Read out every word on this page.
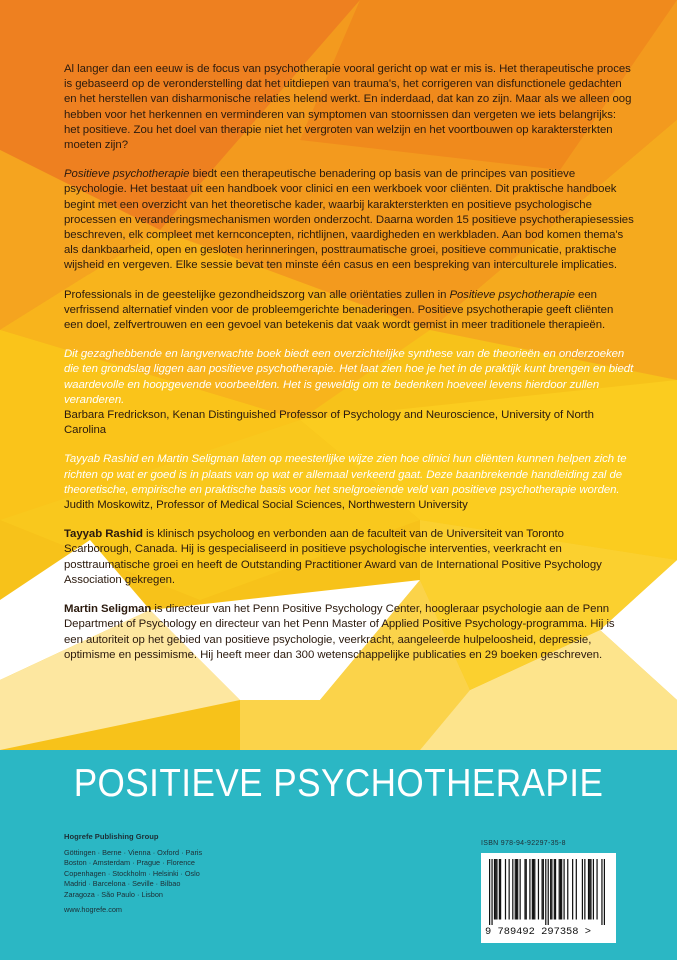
Al langer dan een eeuw is de focus van psychotherapie vooral gericht op wat er mis is. Het therapeutische proces is gebaseerd op de veronderstelling dat het uitdiepen van trauma's, het corrigeren van disfunctionele gedachten en het herstellen van disharmonische relaties helend werkt. En inderdaad, dat kan zo zijn. Maar als we alleen oog hebben voor het herkennen en verminderen van symptomen van stoornissen dan vergeten we iets belangrijks: het positieve. Zou het doel van therapie niet het vergroten van welzijn en het voortbouwen op karaktersterkten moeten zijn?

Positieve psychotherapie biedt een therapeutische benadering op basis van de principes van positieve psychologie. Het bestaat uit een handboek voor clinici en een werkboek voor cliënten. Dit praktische handboek begint met een overzicht van het theoretische kader, waarbij karaktersterkten en positieve psychologische processen en veranderingsmechanismen worden onderzocht. Daarna worden 15 positieve psychotherapiesessies beschreven, elk compleet met kernconcepten, richtlijnen, vaardigheden en werkbladen. Aan bod komen thema's als dankbaarheid, open en gesloten herinneringen, posttraumatische groei, positieve communicatie, praktische wijsheid en vergeven. Elke sessie bevat ten minste één casus en een bespreking van interculturele implicaties.

Professionals in de geestelijke gezondheidszorg van alle oriëntaties zullen in Positieve psychotherapie een verfrissend alternatief vinden voor de probleemgerichte benaderingen. Positieve psychotherapie geeft cliënten een doel, zelfvertrouwen en een gevoel van betekenis dat vaak wordt gemist in meer traditionele therapieën.

Dit gezaghebbende en langverwachte boek biedt een overzichtelijke synthese van de theorieën en onderzoeken die ten grondslag liggen aan positieve psychotherapie. Het laat zien hoe je het in de praktijk kunt brengen en biedt waardevolle en hoopgevende voorbeelden. Het is geweldig om te bedenken hoeveel levens hierdoor zullen veranderen.
Barbara Fredrickson, Kenan Distinguished Professor of Psychology and Neuroscience, University of North Carolina

Tayyab Rashid en Martin Seligman laten op meesterlijke wijze zien hoe clinici hun cliënten kunnen helpen zich te richten op wat er goed is in plaats van op wat er allemaal verkeerd gaat. Deze baanbrekende handleiding zal de theoretische, empirische en praktische basis voor het snelgroeiende veld van positieve psychotherapie worden.
Judith Moskowitz, Professor of Medical Social Sciences, Northwestern University

Tayyab Rashid is klinisch psycholoog en verbonden aan de faculteit van de Universiteit van Toronto Scarborough, Canada. Hij is gespecialiseerd in positieve psychologische interventies, veerkracht en posttraumatische groei en heeft de Outstanding Practitioner Award van de International Positive Psychology Association gekregen.

Martin Seligman is directeur van het Penn Positive Psychology Center, hoogleraar psychologie aan de Penn Department of Psychology en directeur van het Penn Master of Applied Positive Psychology-programma. Hij is een autoriteit op het gebied van positieve psychologie, veerkracht, aangeleerde hulpeloosheid, depressie, optimisme en pessimisme. Hij heeft meer dan 300 wetenschappelijke publicaties en 29 boeken geschreven.

POSITIEVE PSYCHOTHERAPIE
Hogrefe Publishing Group
Göttingen · Berne · Vienna · Oxford · Paris
Boston · Amsterdam · Prague · Florence
Copenhagen · Stockholm · Helsinki · Oslo
Madrid · Barcelona · Seville · Bilbao
Zaragoza · São Paulo · Lisbon
www.hogrefe.com
ISBN 978-94-92297-35-8
9 789492 297358 >
